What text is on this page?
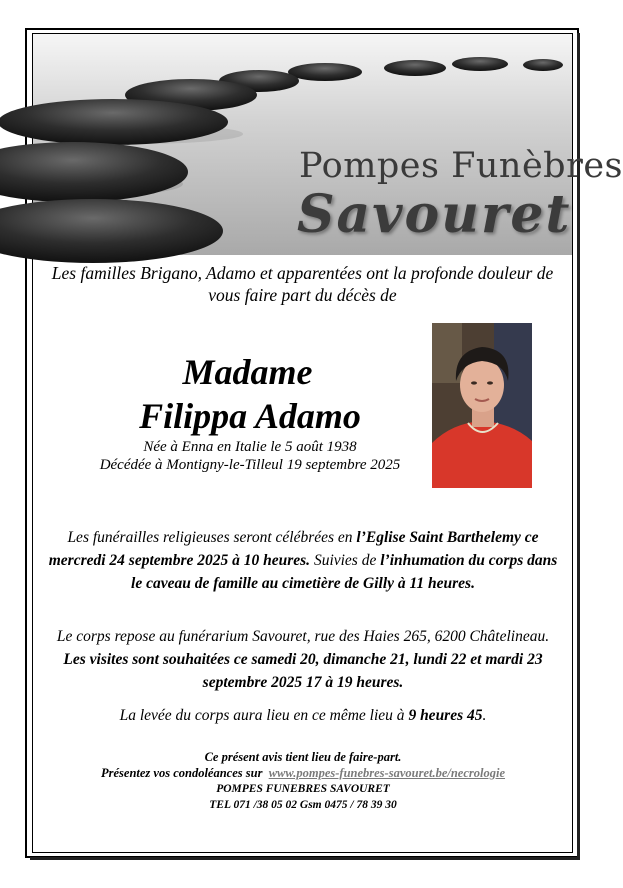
Pompes Funèbres
Savouret
Les familles Brigano, Adamo et apparentées ont la profonde douleur de vous faire part du décès de
Madame
Filippa Adamo
Née à Enna en Italie le 5 août 1938
Décédée à Montigny-le-Tilleul 19 septembre 2025
Les funérailles religieuses seront célébrées en l’Eglise Saint Barthelemy ce mercredi 24 septembre 2025 à 10 heures. Suivies de l’inhumation du corps dans le caveau de famille au cimetière de Gilly à 11 heures.
Le corps repose au funérarium Savouret, rue des Haies 265, 6200 Châtelineau. Les visites sont souhaitées ce samedi 20, dimanche 21, lundi 22 et mardi 23 septembre 2025 17 à 19 heures.
La levée du corps aura lieu en ce même lieu à 9 heures 45.
Ce présent avis tient lieu de faire-part.
Présentez vos condoléances sur  www.pompes-funebres-savouret.be/necrologie
POMPES FUNEBRES SAVOURET
TEL 071 /38 05 02 Gsm 0475 / 78 39 30
